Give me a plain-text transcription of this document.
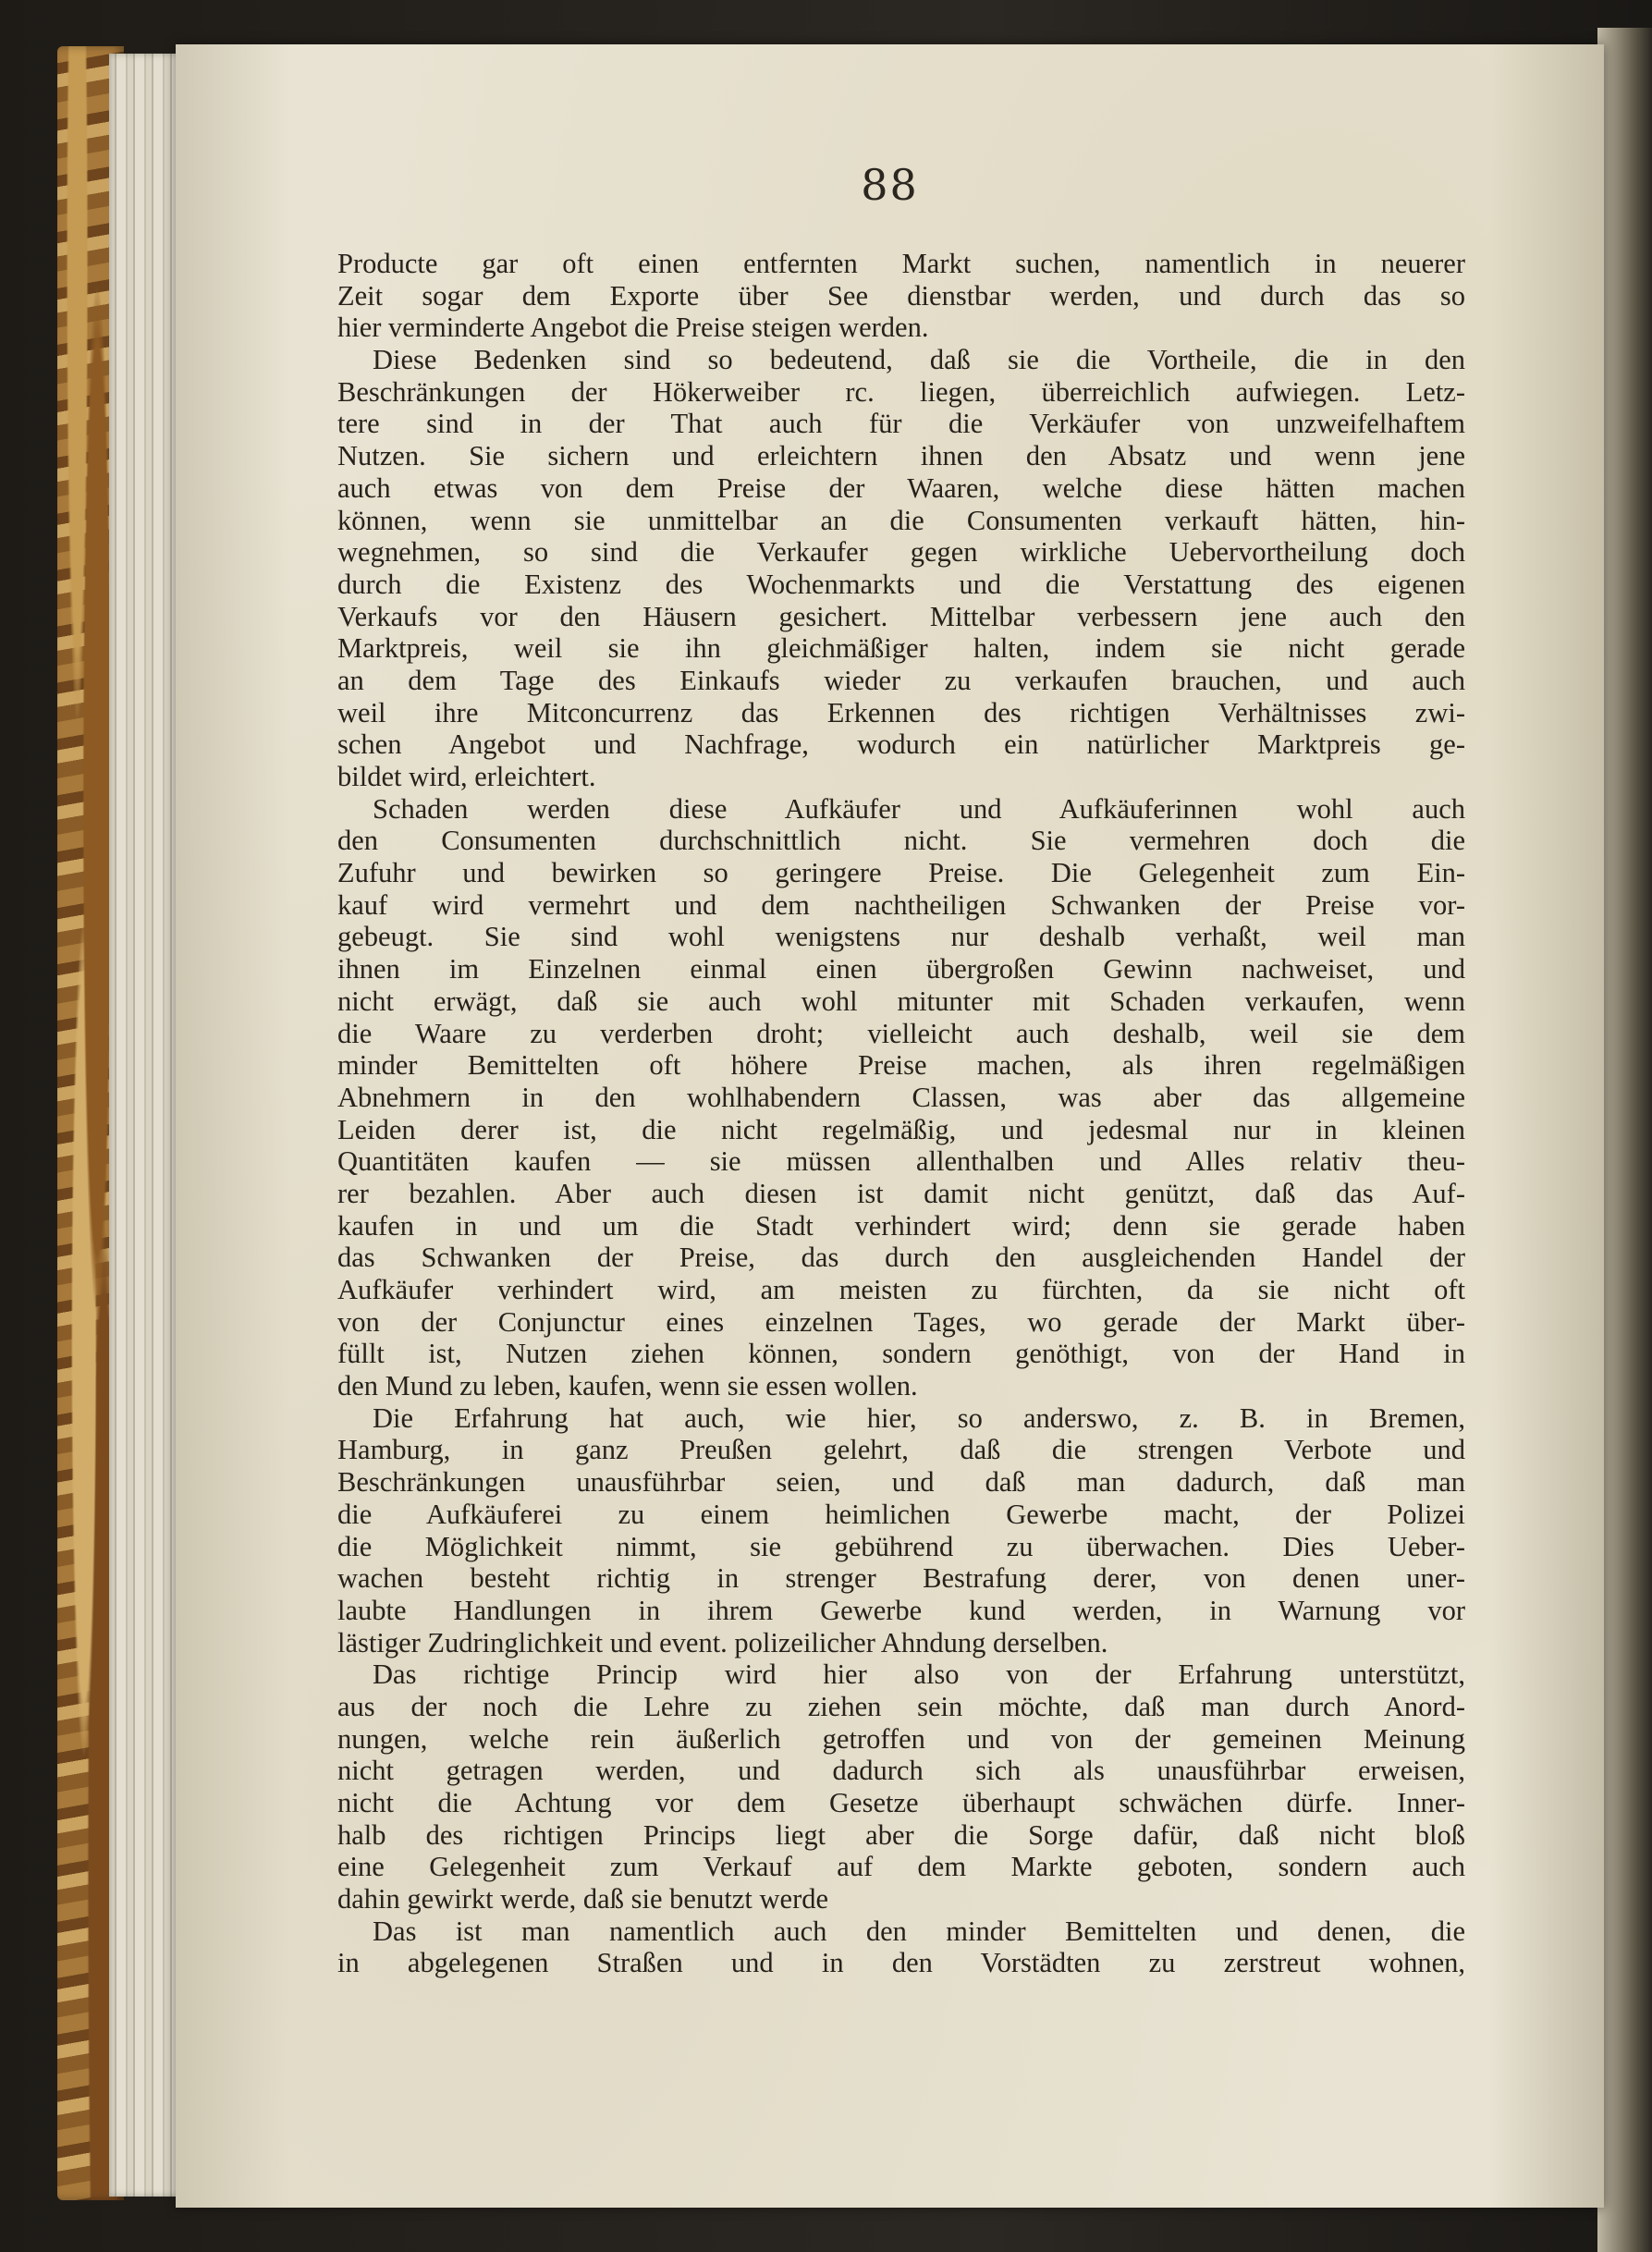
88
Producte gar oft einen entfernten Markt suchen, namentlich in neuerer
Zeit sogar dem Exporte über See dienstbar werden, und durch das so
hier verminderte Angebot die Preise steigen werden.
Diese Bedenken sind so bedeutend, daß sie die Vortheile, die in den
Beschränkungen der Hökerweiber rc. liegen, überreichlich aufwiegen. Letz-
tere sind in der That auch für die Verkäufer von unzweifelhaftem
Nutzen. Sie sichern und erleichtern ihnen den Absatz und wenn jene
auch etwas von dem Preise der Waaren, welche diese hätten machen
können, wenn sie unmittelbar an die Consumenten verkauft hätten, hin-
wegnehmen, so sind die Verkaufer gegen wirkliche Uebervortheilung doch
durch die Existenz des Wochenmarkts und die Verstattung des eigenen
Verkaufs vor den Häusern gesichert. Mittelbar verbessern jene auch den
Marktpreis, weil sie ihn gleichmäßiger halten, indem sie nicht gerade
an dem Tage des Einkaufs wieder zu verkaufen brauchen, und auch
weil ihre Mitconcurrenz das Erkennen des richtigen Verhältnisses zwi-
schen Angebot und Nachfrage, wodurch ein natürlicher Marktpreis ge-
bildet wird, erleichtert.
Schaden werden diese Aufkäufer und Aufkäuferinnen wohl auch
den Consumenten durchschnittlich nicht. Sie vermehren doch die
Zufuhr und bewirken so geringere Preise. Die Gelegenheit zum Ein-
kauf wird vermehrt und dem nachtheiligen Schwanken der Preise vor-
gebeugt. Sie sind wohl wenigstens nur deshalb verhaßt, weil man
ihnen im Einzelnen einmal einen übergroßen Gewinn nachweiset, und
nicht erwägt, daß sie auch wohl mitunter mit Schaden verkaufen, wenn
die Waare zu verderben droht; vielleicht auch deshalb, weil sie dem
minder Bemittelten oft höhere Preise machen, als ihren regelmäßigen
Abnehmern in den wohlhabendern Classen, was aber das allgemeine
Leiden derer ist, die nicht regelmäßig, und jedesmal nur in kleinen
Quantitäten kaufen — sie müssen allenthalben und Alles relativ theu-
rer bezahlen. Aber auch diesen ist damit nicht genützt, daß das Auf-
kaufen in und um die Stadt verhindert wird; denn sie gerade haben
das Schwanken der Preise, das durch den ausgleichenden Handel der
Aufkäufer verhindert wird, am meisten zu fürchten, da sie nicht oft
von der Conjunctur eines einzelnen Tages, wo gerade der Markt über-
füllt ist, Nutzen ziehen können, sondern genöthigt, von der Hand in
den Mund zu leben, kaufen, wenn sie essen wollen.
Die Erfahrung hat auch, wie hier, so anderswo, z. B. in Bremen,
Hamburg, in ganz Preußen gelehrt, daß die strengen Verbote und
Beschränkungen unausführbar seien, und daß man dadurch, daß man
die Aufkäuferei zu einem heimlichen Gewerbe macht, der Polizei
die Möglichkeit nimmt, sie gebührend zu überwachen. Dies Ueber-
wachen besteht richtig in strenger Bestrafung derer, von denen uner-
laubte Handlungen in ihrem Gewerbe kund werden, in Warnung vor
lästiger Zudringlichkeit und event. polizeilicher Ahndung derselben.
Das richtige Princip wird hier also von der Erfahrung unterstützt,
aus der noch die Lehre zu ziehen sein möchte, daß man durch Anord-
nungen, welche rein äußerlich getroffen und von der gemeinen Meinung
nicht getragen werden, und dadurch sich als unausführbar erweisen,
nicht die Achtung vor dem Gesetze überhaupt schwächen dürfe. Inner-
halb des richtigen Princips liegt aber die Sorge dafür, daß nicht bloß
eine Gelegenheit zum Verkauf auf dem Markte geboten, sondern auch
dahin gewirkt werde, daß sie benutzt werde
Das ist man namentlich auch den minder Bemittelten und denen, die
in abgelegenen Straßen und in den Vorstädten zu zerstreut wohnen,
